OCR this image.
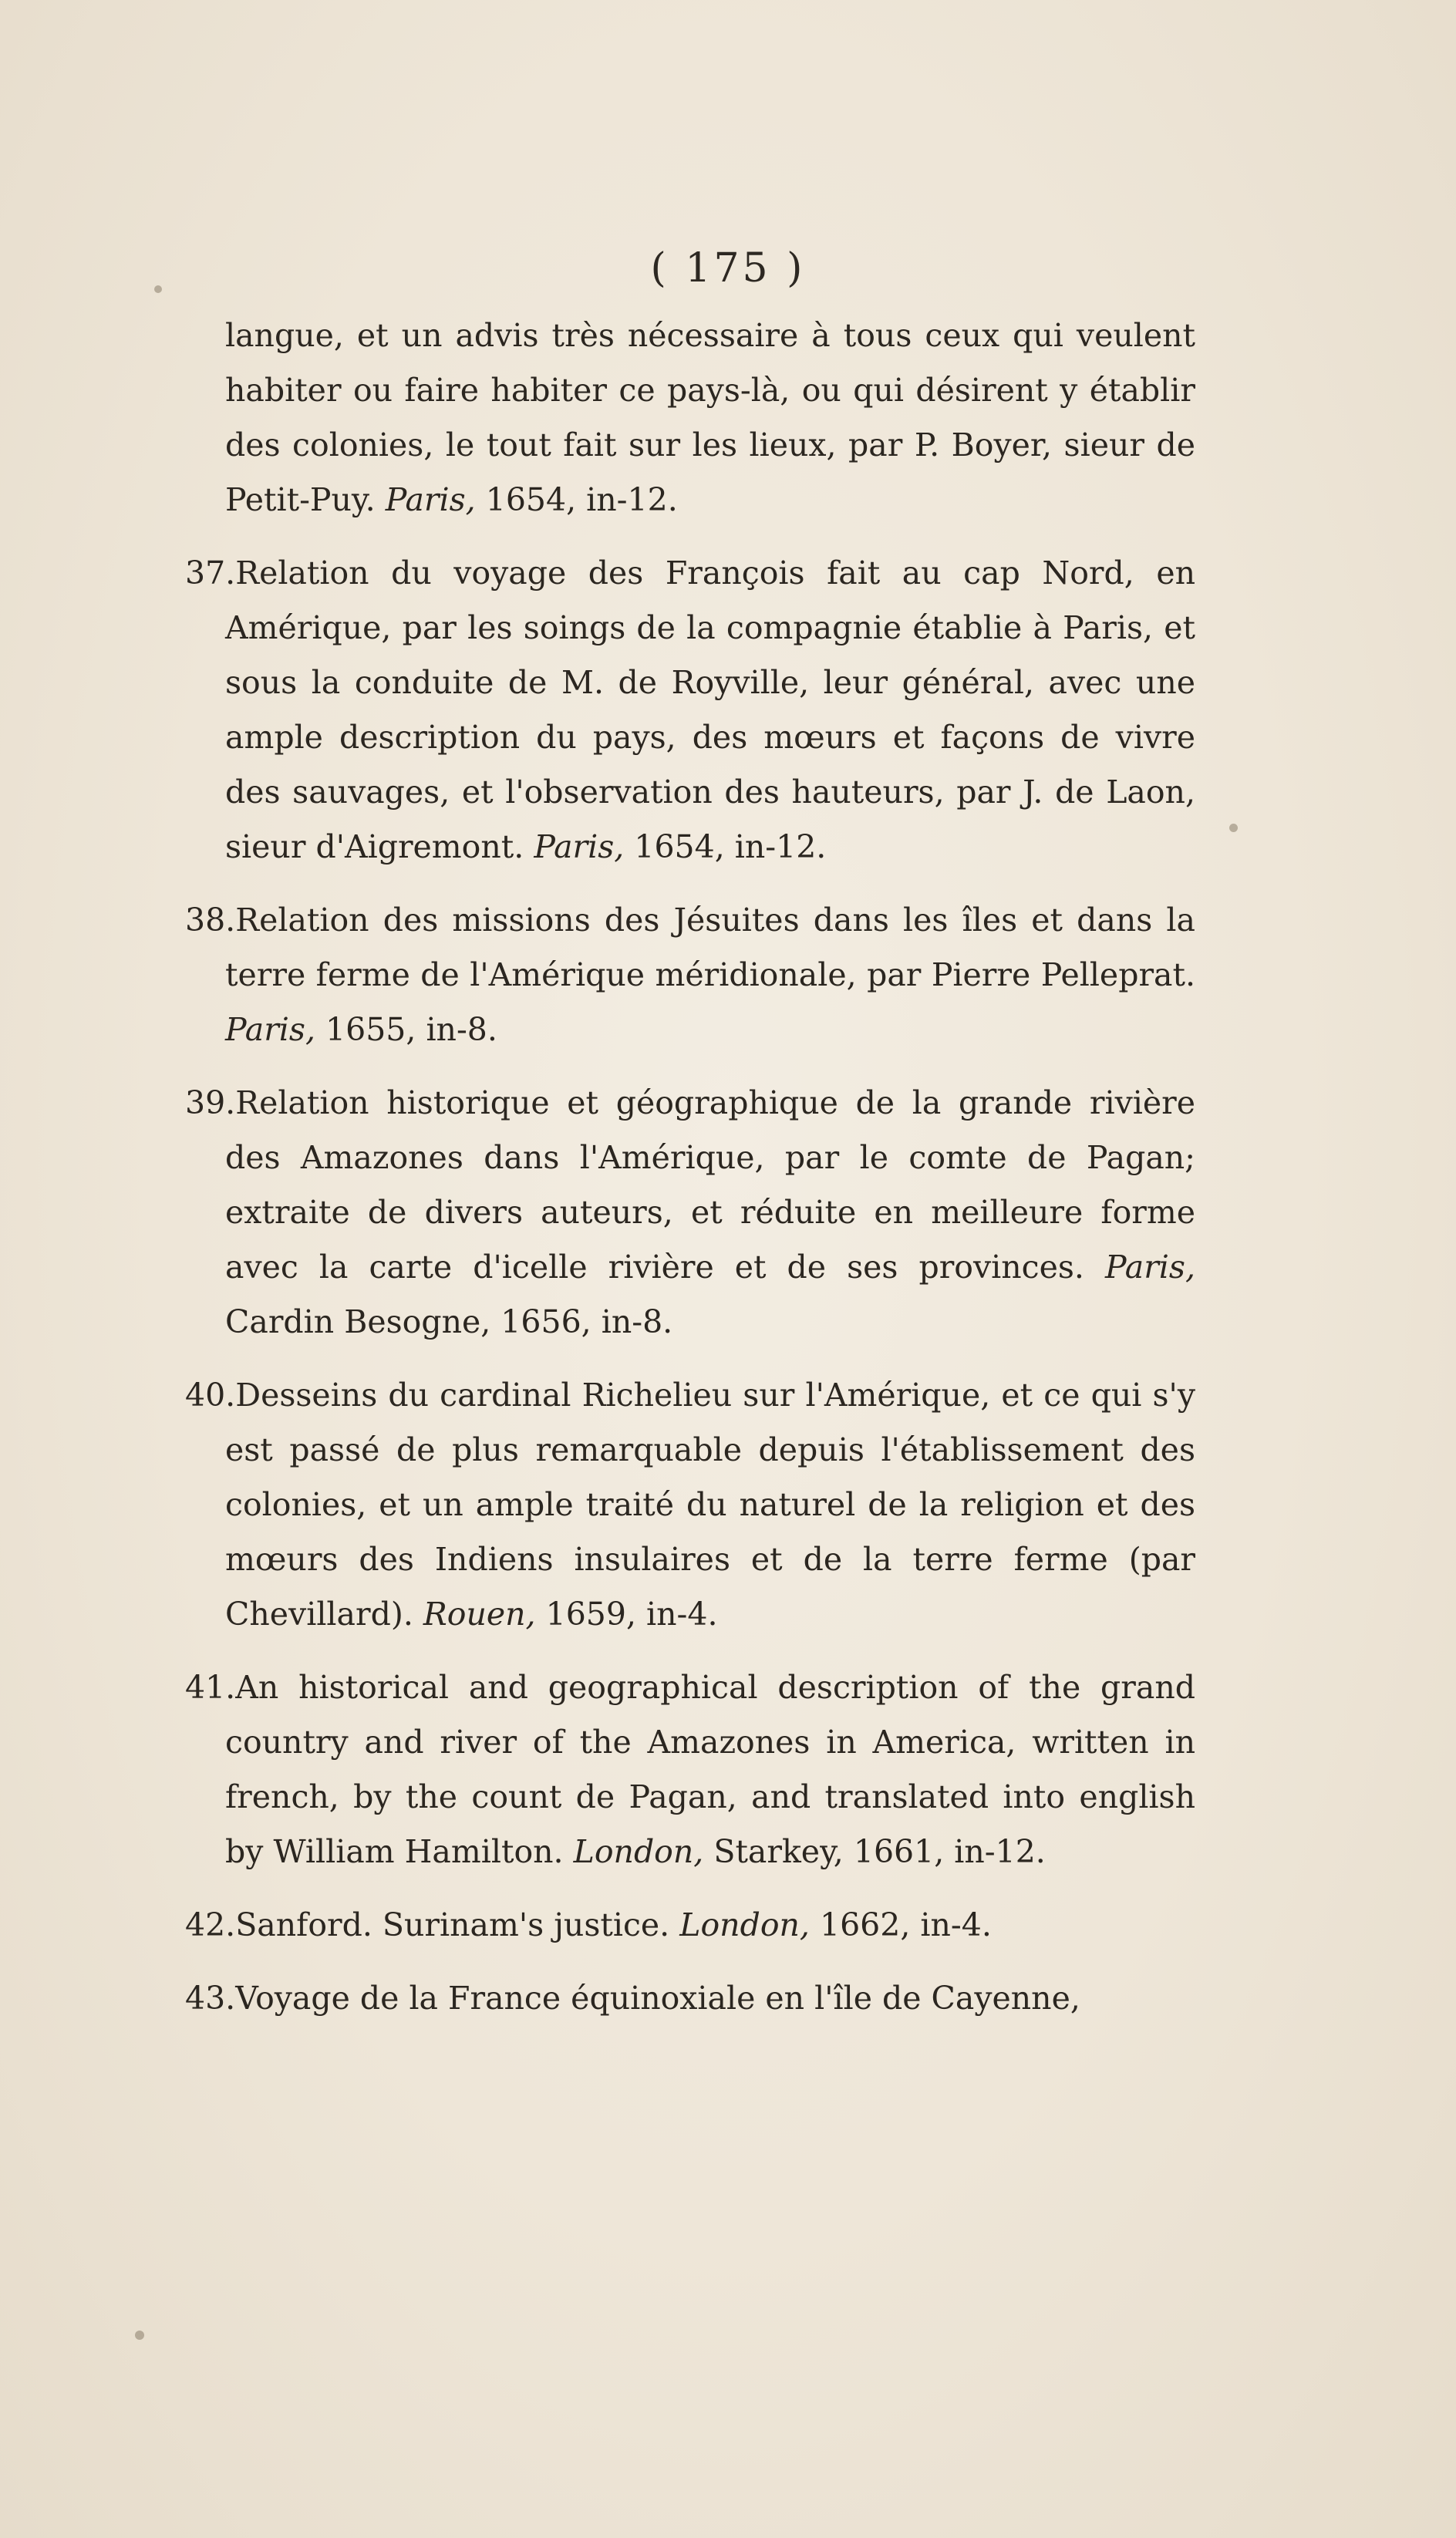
( 175 )

langue, et un advis très nécessaire à tous ceux qui veulent habiter ou faire habiter ce pays-là, ou qui désirent y établir des colonies, le tout fait sur les lieux, par P. Boyer, sieur de Petit-Puy. Paris, 1654, in-12.

37.Relation du voyage des François fait au cap Nord, en Amérique, par les soings de la compagnie établie à Paris, et sous la conduite de M. de Royville, leur général, avec une ample description du pays, des mœurs et façons de vivre des sauvages, et l'observation des hauteurs, par J. de Laon, sieur d'Aigremont. Paris, 1654, in-12.

38.Relation des missions des Jésuites dans les îles et dans la terre ferme de l'Amérique méridionale, par Pierre Pelleprat. Paris, 1655, in-8.

39.Relation historique et géographique de la grande rivière des Amazones dans l'Amérique, par le comte de Pagan; extraite de divers auteurs, et réduite en meilleure forme avec la carte d'icelle rivière et de ses provinces. Paris, Cardin Besogne, 1656, in-8.

40.Desseins du cardinal Richelieu sur l'Amérique, et ce qui s'y est passé de plus remarquable depuis l'établissement des colonies, et un ample traité du naturel de la religion et des mœurs des Indiens insulaires et de la terre ferme (par Chevillard). Rouen, 1659, in-4.

41.An historical and geographical description of the grand country and river of the Amazones in America, written in french, by the count de Pagan, and translated into english by William Hamilton. London, Starkey, 1661, in-12.

42.Sanford. Surinam's justice. London, 1662, in-4.

43.Voyage de la France équinoxiale en l'île de Cayenne,
